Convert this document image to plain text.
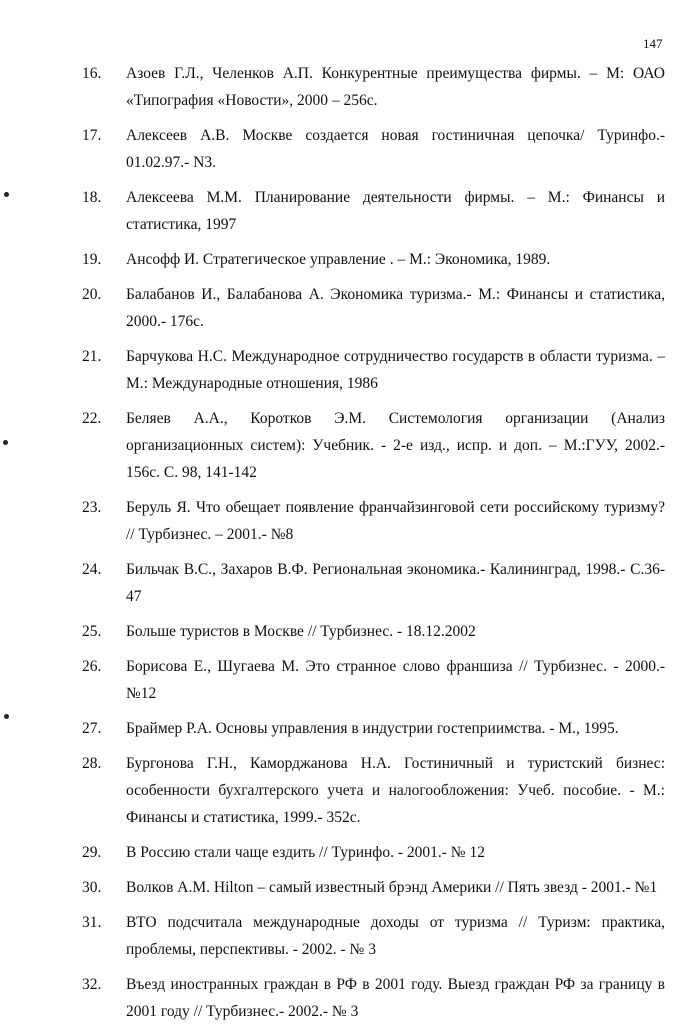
147
16. Азоев Г.Л., Челенков А.П. Конкурентные преимущества фирмы. – М: ОАО «Типография «Новости», 2000 – 256с.
17. Алексеев А.В. Москве создается новая гостиничная цепочка/ Туринфо.- 01.02.97.- N3.
18. Алексеева М.М. Планирование деятельности фирмы. – М.: Финансы и статистика, 1997
19. Ансофф И. Стратегическое управление . – М.: Экономика, 1989.
20. Балабанов И., Балабанова А. Экономика туризма.- М.: Финансы и статистика, 2000.- 176с.
21. Барчукова Н.С. Международное сотрудничество государств в области туризма. – М.: Международные отношения, 1986
22. Беляев А.А., Коротков Э.М. Системология организации (Анализ организационных систем): Учебник. - 2-е изд., испр. и доп. – М.:ГУУ, 2002.- 156с. С. 98, 141-142
23. Беруль Я. Что обещает появление франчайзинговой сети российскому туризму? // Турбизнес. – 2001.- №8
24. Бильчак В.С., Захаров В.Ф. Региональная экономика.- Калининград, 1998.- С.36-47
25. Больше туристов в Москве // Турбизнес. - 18.12.2002
26. Борисова Е., Шугаева М. Это странное слово франшиза // Турбизнес. - 2000.- №12
27. Браймер Р.А. Основы управления в индустрии гостеприимства. - М., 1995.
28. Бургонова Г.Н., Каморджанова Н.А. Гостиничный и туристский бизнес: особенности бухгалтерского учета и налогообложения: Учеб. пособие. - М.: Финансы и статистика, 1999.- 352с.
29. В Россию стали чаще ездить // Туринфо. - 2001.- № 12
30. Волков А.М. Hilton – самый известный брэнд Америки // Пять звезд - 2001.- №1
31. ВТО подсчитала международные доходы от туризма // Туризм: практика, проблемы, перспективы. - 2002. - № 3
32. Въезд иностранных граждан в РФ в 2001 году. Выезд граждан РФ за границу в 2001 году // Турбизнес.- 2002.- № 3
